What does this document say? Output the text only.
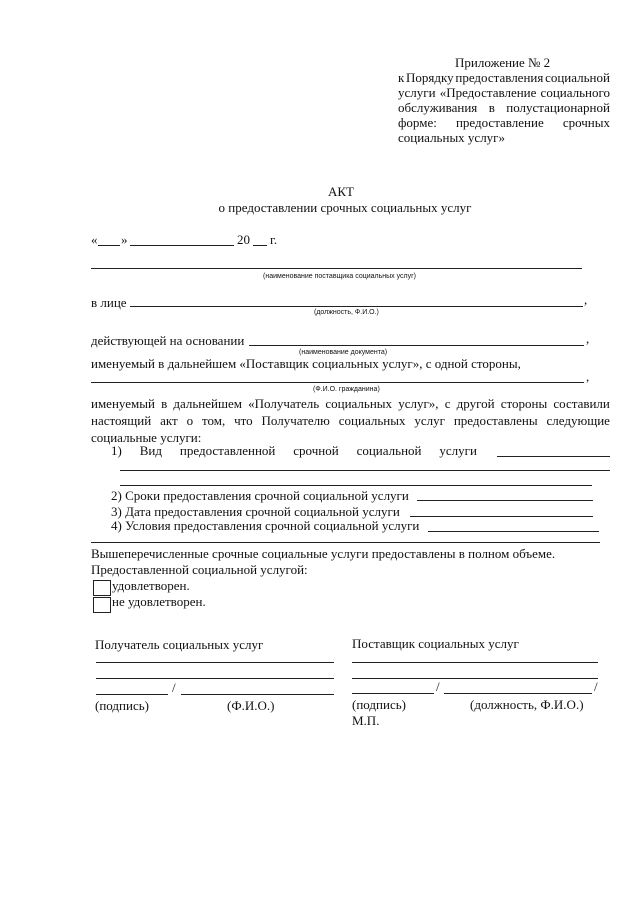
Приложение № 2
к Порядку предоставления социальной
услуги «Предоставление социального
обслуживания в полустационарной
форме: предоставление срочных
социальных услуг»
АКТ
о предоставлении срочных социальных услуг
« »	20 г.
(наименование поставщика социальных услуг)
в лице	,
(должность, Ф.И.О.)
действующей на основании	,
(наименование документа)
именуемый в дальнейшем «Поставщик социальных услуг», с одной стороны,
,
(Ф.И.О. гражданина)
именуемый в дальнейшем «Получатель социальных услуг», с другой стороны составили
настоящий акт о том, что Получателю социальных услуг предоставлены следующие
социальные услуги:
1) Вид предоставленной срочной социальной услуги
2) Сроки предоставления срочной социальной услуги
3) Дата предоставления срочной социальной услуги
4) Условия предоставления срочной социальной услуги
Вышеперечисленные срочные социальные услуги предоставлены в полном объеме.
Предоставленной социальной услугой:
удовлетворен.
не удовлетворен.
Получатель социальных услуг
/
(подпись)	(Ф.И.О.)
Поставщик социальных услуг
/	/
(подпись)	(должность, Ф.И.О.)
М.П.
